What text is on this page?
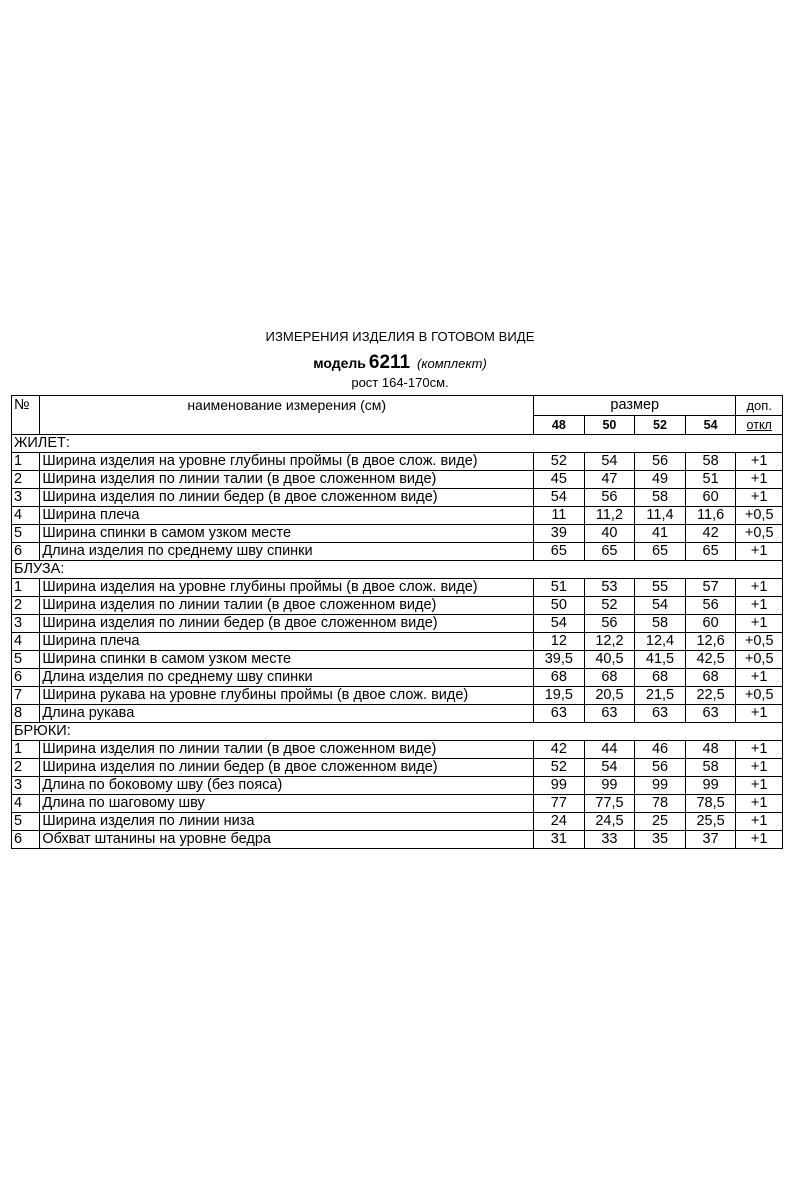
ИЗМЕРЕНИЯ ИЗДЕЛИЯ В ГОТОВОМ ВИДЕ
модель 6211 (комплект)
рост 164-170см.
№	наименование измерения (см)	размер				доп.
		48	50	52	54	откл
ЖИЛЕТ:						
1	Ширина изделия на уровне глубины проймы (в двое слож. виде)	52	54	56	58	+1
2	Ширина изделия по линии талии (в двое сложенном виде)	45	47	49	51	+1
3	Ширина изделия по линии бедер (в двое сложенном виде)	54	56	58	60	+1
4	Ширина плеча	11	11,2	11,4	11,6	+0,5
5	Ширина спинки в самом узком месте	39	40	41	42	+0,5
6	Длина изделия по среднему шву спинки	65	65	65	65	+1
БЛУЗА:						
1	Ширина изделия на уровне глубины проймы (в двое слож. виде)	51	53	55	57	+1
2	Ширина изделия по линии талии (в двое сложенном виде)	50	52	54	56	+1
3	Ширина изделия по линии бедер (в двое сложенном виде)	54	56	58	60	+1
4	Ширина плеча	12	12,2	12,4	12,6	+0,5
5	Ширина спинки в самом узком месте	39,5	40,5	41,5	42,5	+0,5
6	Длина изделия по среднему шву спинки	68	68	68	68	+1
7	Ширина рукава на уровне глубины проймы (в двое слож. виде)	19,5	20,5	21,5	22,5	+0,5
8	Длина рукава	63	63	63	63	+1
БРЮКИ:						
1	Ширина изделия по линии талии (в двое сложенном виде)	42	44	46	48	+1
2	Ширина изделия по линии бедер (в двое сложенном виде)	52	54	56	58	+1
3	Длина по боковому шву (без пояса)	99	99	99	99	+1
4	Длина по шаговому шву	77	77,5	78	78,5	+1
5	Ширина изделия по линии низа	24	24,5	25	25,5	+1
6	Обхват штанины на уровне бедра	31	33	35	37	+1
